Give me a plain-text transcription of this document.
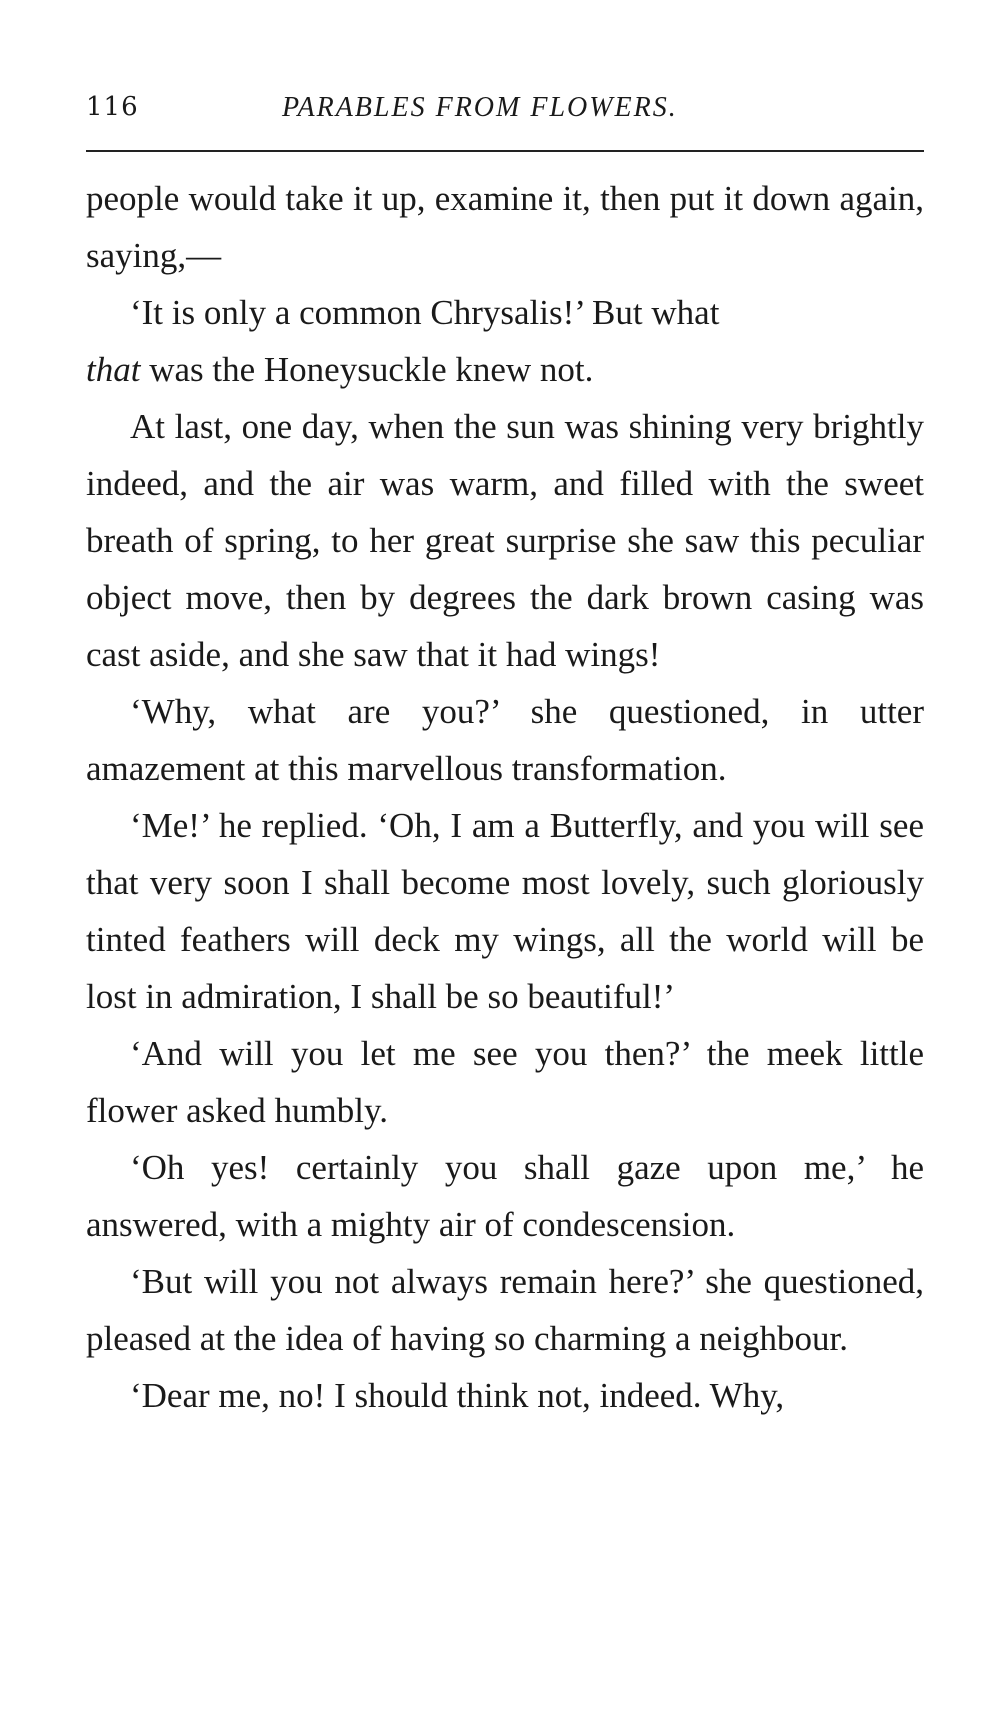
116	PARABLES FROM FLOWERS.

people would take it up, examine it, then put it down again, saying,—

‘It is only a common Chrysalis!’ But what

that was the Honeysuckle knew not.

At last, one day, when the sun was shining very brightly indeed, and the air was warm, and filled with the sweet breath of spring, to her great surprise she saw this peculiar object move, then by degrees the dark brown casing was cast aside, and she saw that it had wings!

‘Why, what are you?’ she questioned, in utter amazement at this marvellous transformation.

‘Me!’ he replied. ‘Oh, I am a Butterfly, and you will see that very soon I shall become most lovely, such gloriously tinted feathers will deck my wings, all the world will be lost in admiration, I shall be so beautiful!’

‘And will you let me see you then?’ the meek little flower asked humbly.

‘Oh yes! certainly you shall gaze upon me,’ he answered, with a mighty air of condescension.

‘But will you not always remain here?’ she questioned, pleased at the idea of having so charming a neighbour.

‘Dear me, no! I should think not, indeed. Why,
